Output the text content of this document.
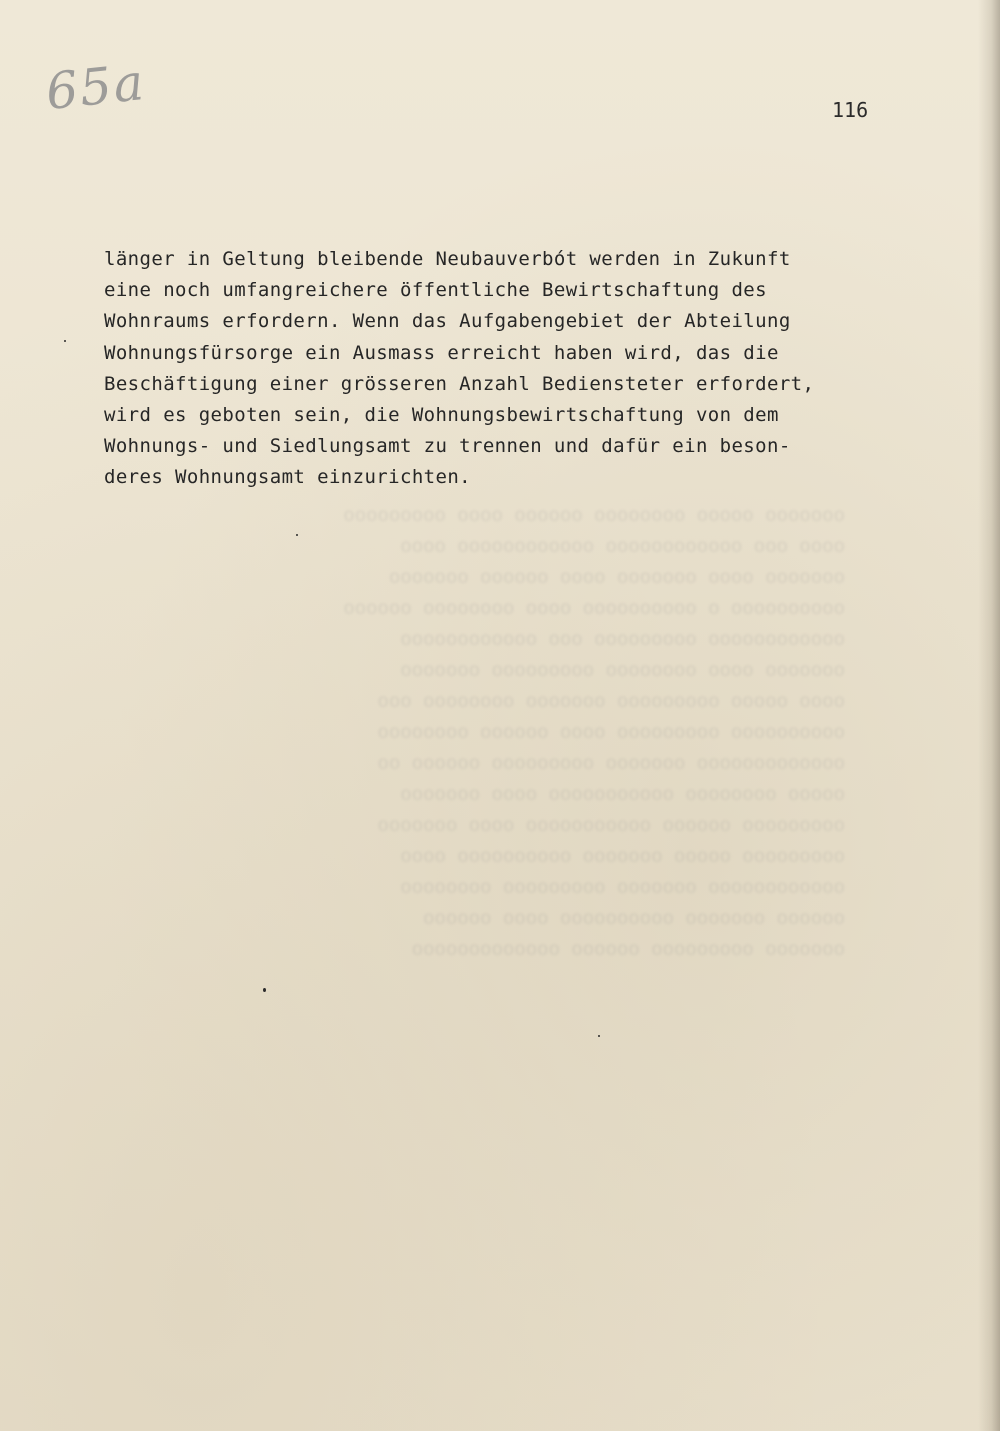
65a	116

ooooooo ooooo oooooooo oooooo oooo ooooooooo
oooo ooo oooooooooooo oooooooooooo oooo
ooooooo oooo ooooooo oooo oooooo ooooooo
oooooooooo o oooooooooo oooo oooooooo oooooo
oooooooooooo ooooooooo ooo oooooooooooo
ooooooo oooo oooooooo ooooooooo ooooooo
oooo ooooo ooooooooo ooooooo oooooooo ooo
oooooooooo ooooooooo oooo oooooo oooooooo
ooooooooooooo ooooooo ooooooooo oooooo oo
ooooo oooooooo ooooooooooo oooo ooooooo
ooooooooo oooooo ooooooooooo oooo ooooooo
ooooooooo ooooo ooooooo oooooooooo oooo
oooooooooooo ooooooo ooooooooo oooooooo
oooooo ooooooo oooooooooo oooo oooooo
ooooooo ooooooooo oooooo ooooooooooooo

länger in Geltung bleibende Neubauverbót werden in Zukunft
eine noch umfangreichere öffentliche Bewirtschaftung des
Wohnraums erfordern. Wenn das Aufgabengebiet der Abteilung
Wohnungsfürsorge ein Ausmass erreicht haben wird, das die
Beschäftigung einer grösseren Anzahl Bediensteter erfordert,
wird es geboten sein, die Wohnungsbewirtschaftung von dem
Wohnungs- und Siedlungsamt zu trennen und dafür ein beson-
deres Wohnungsamt einzurichten.
